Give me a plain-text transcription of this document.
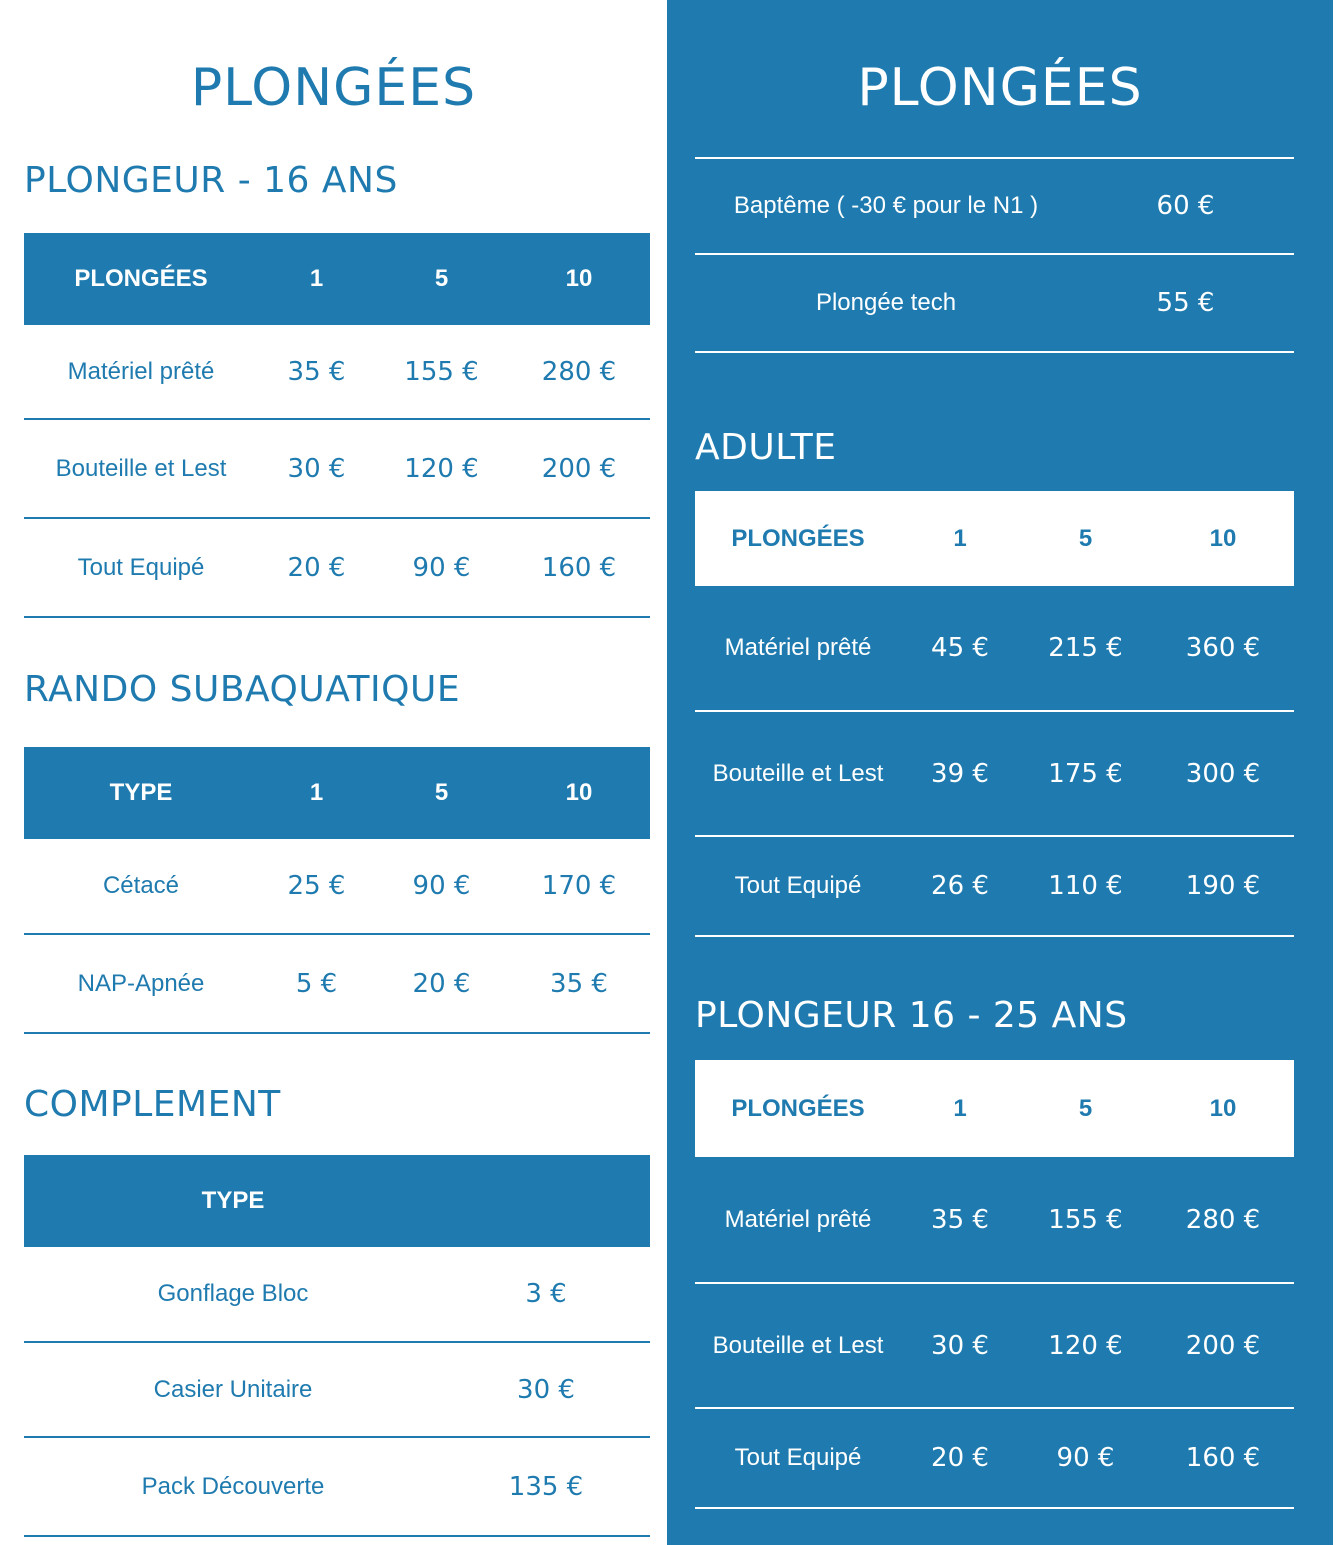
PLONGÉES
PLONGEUR - 16 ANS
PLONGÉES	1	5	10
Matériel prêté	35 €	155 €	280 €
Bouteille et Lest	30 €	120 €	200 €
Tout Equipé	20 €	90 €	160 €
RANDO SUBAQUATIQUE
TYPE	1	5	10
Cétacé	25 €	90 €	170 €
NAP-Apnée	5 €	20 €	35 €
COMPLEMENT
TYPE	
Gonflage Bloc	3 €
Casier Unitaire	30 €
Pack Découverte	135 €
PLONGÉES
Baptême ( -30 € pour le N1 )	60 €
Plongée tech	55 €
ADULTE
PLONGÉES	1	5	10
Matériel prêté	45 €	215 €	360 €
Bouteille et Lest	39 €	175 €	300 €
Tout Equipé	26 €	110 €	190 €
PLONGEUR 16 - 25 ANS
PLONGÉES	1	5	10
Matériel prêté	35 €	155 €	280 €
Bouteille et Lest	30 €	120 €	200 €
Tout Equipé	20 €	90 €	160 €
